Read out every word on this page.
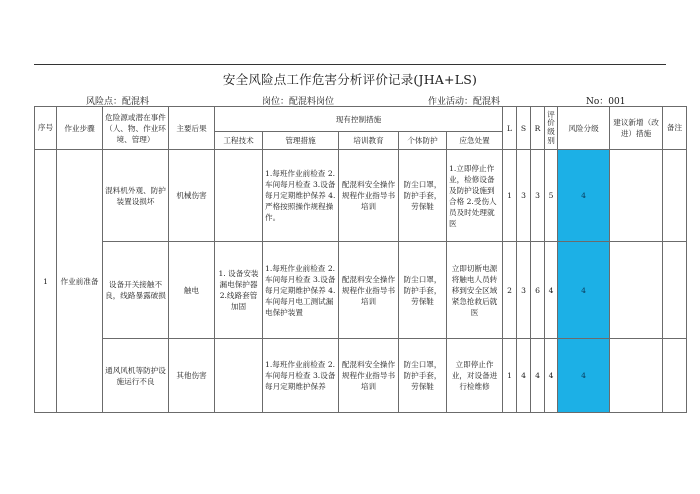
安全风险点工作危害分析评价记录(JHA+LS)
风险点：配混料	岗位：配混料岗位	作业活动：配混料	No：001
序号	作业步骤	危险源或潜在事件（人、物、作业环境、管理）	主要后果	现有控制措施					L	S	R	评价级别	风险分级	建议新增（改进）措施	备注
				工程技术	管理措施	培训教育	个体防护	应急处置							
1	作业前准备	混料机外观、防护装置设损坏	机械伤害		1.每班作业前检查 2.车间每月检查 3.设备每月定期维护保养 4.严格按照操作规程操作。	配混料安全操作规程作业指导书培训	防尘口罩，防护手套，劳保鞋	1.立即停止作业，检修设备及防护设施到合格 2.受伤人员及时处理就医	1	3	3	5	4		
		设备开关接触不良，线路暴露破损	触电	1. 设备安装漏电保护器 2.线路套管加固	1.每班作业前检查 2.车间每月检查 3.设备每月定期维护保养 4.车间每月电工测试漏电保护装置	配混料安全操作规程作业指导书培训	防尘口罩，防护手套，劳保鞋	立即切断电源将触电人员转移到安全区域紧急抢救后就医	2	3	6	4	4		
		通风风机等防护设施运行不良	其他伤害		1.每班作业前检查 2.车间每月检查 3.设备每月定期维护保养	配混料安全操作规程作业指导书培训	防尘口罩，防护手套，劳保鞋	立即停止作业，对设备进行检维修	1	4	4	4	4		
